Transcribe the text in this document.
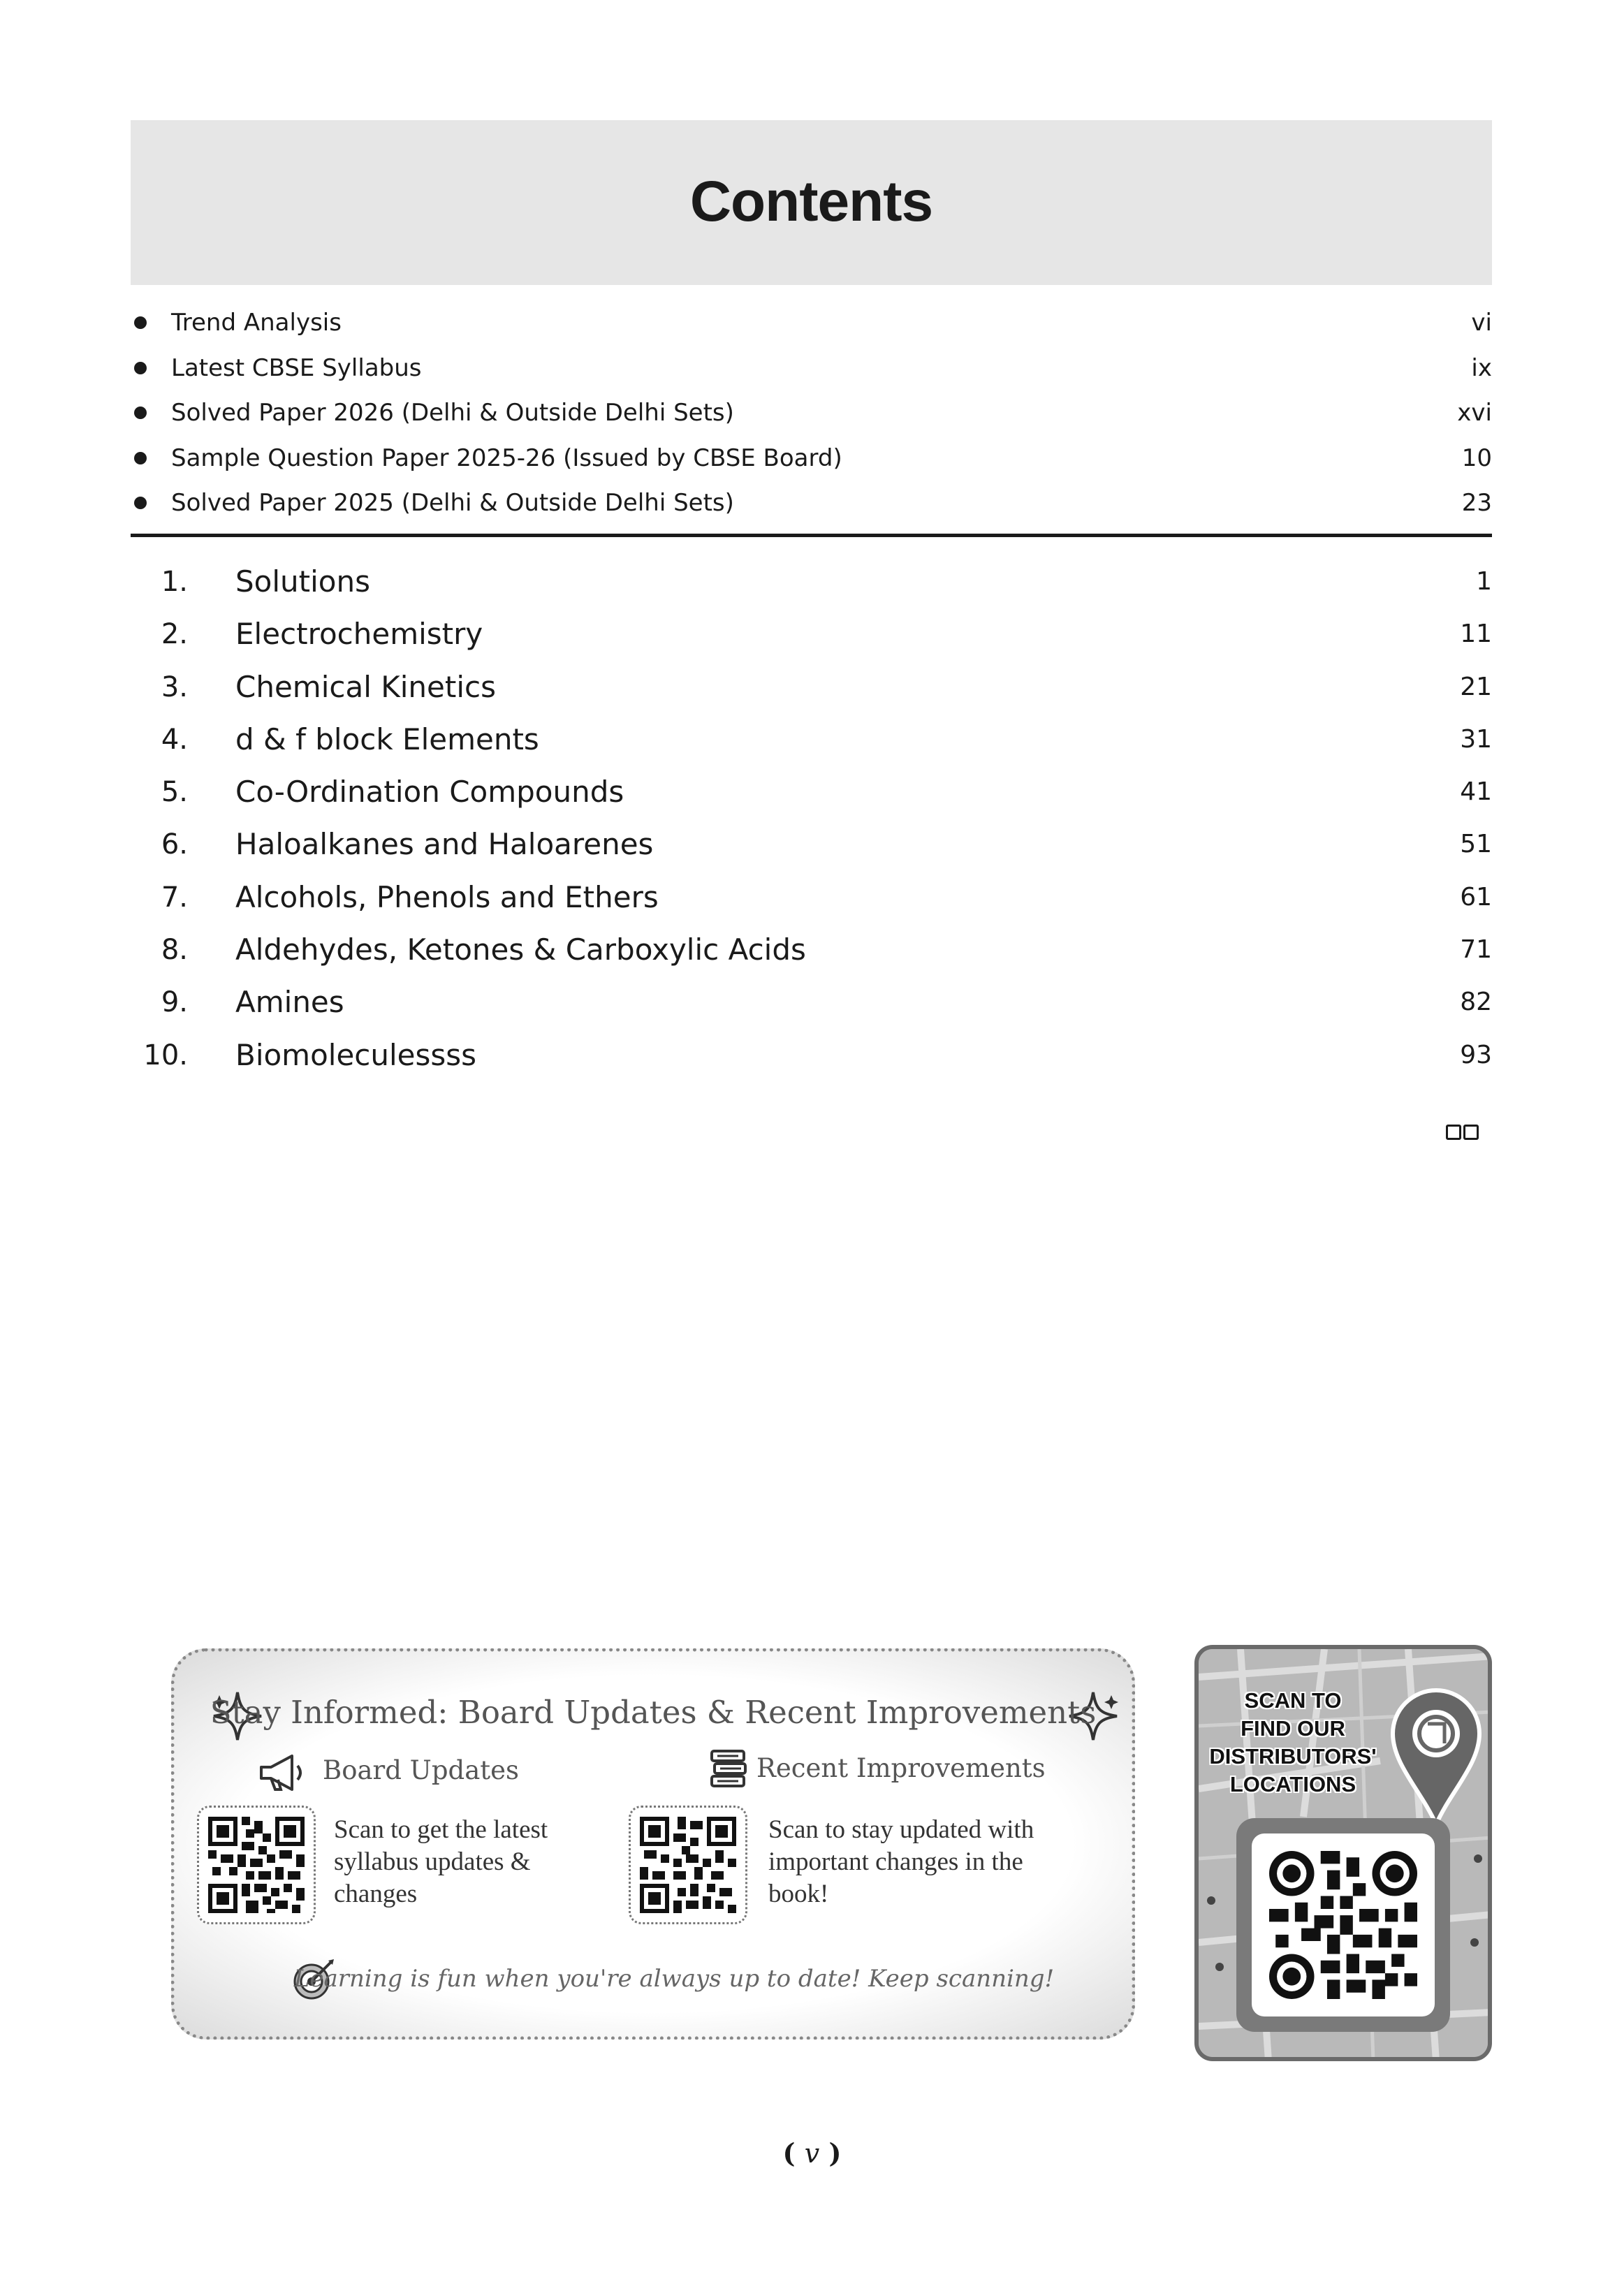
Contents
Trend Analysis	vi
Latest CBSE Syllabus	ix
Solved Paper 2026 (Delhi & Outside Delhi Sets)	xvi
Sample Question Paper 2025-26 (Issued by CBSE Board)	10
Solved Paper 2025 (Delhi & Outside Delhi Sets)	23
1. Solutions	1
2. Electrochemistry	11
3. Chemical Kinetics	21
4. d & f block Elements	31
5. Co-Ordination Compounds	41
6. Haloalkanes and Haloarenes	51
7. Alcohols, Phenols and Ethers	61
8. Aldehydes, Ketones & Carboxylic Acids	71
9. Amines	82
10. Biomoleculessss	93
Stay Informed: Board Updates & Recent Improvements
Board Updates
Scan to get the latest
syllabus updates &
changes
Recent Improvements
Scan to stay updated with
important changes in the
book!
Learning is fun when you're always up to date! Keep scanning!
SCAN TO
FIND OUR
DISTRIBUTORS'
LOCATIONS
( v )
